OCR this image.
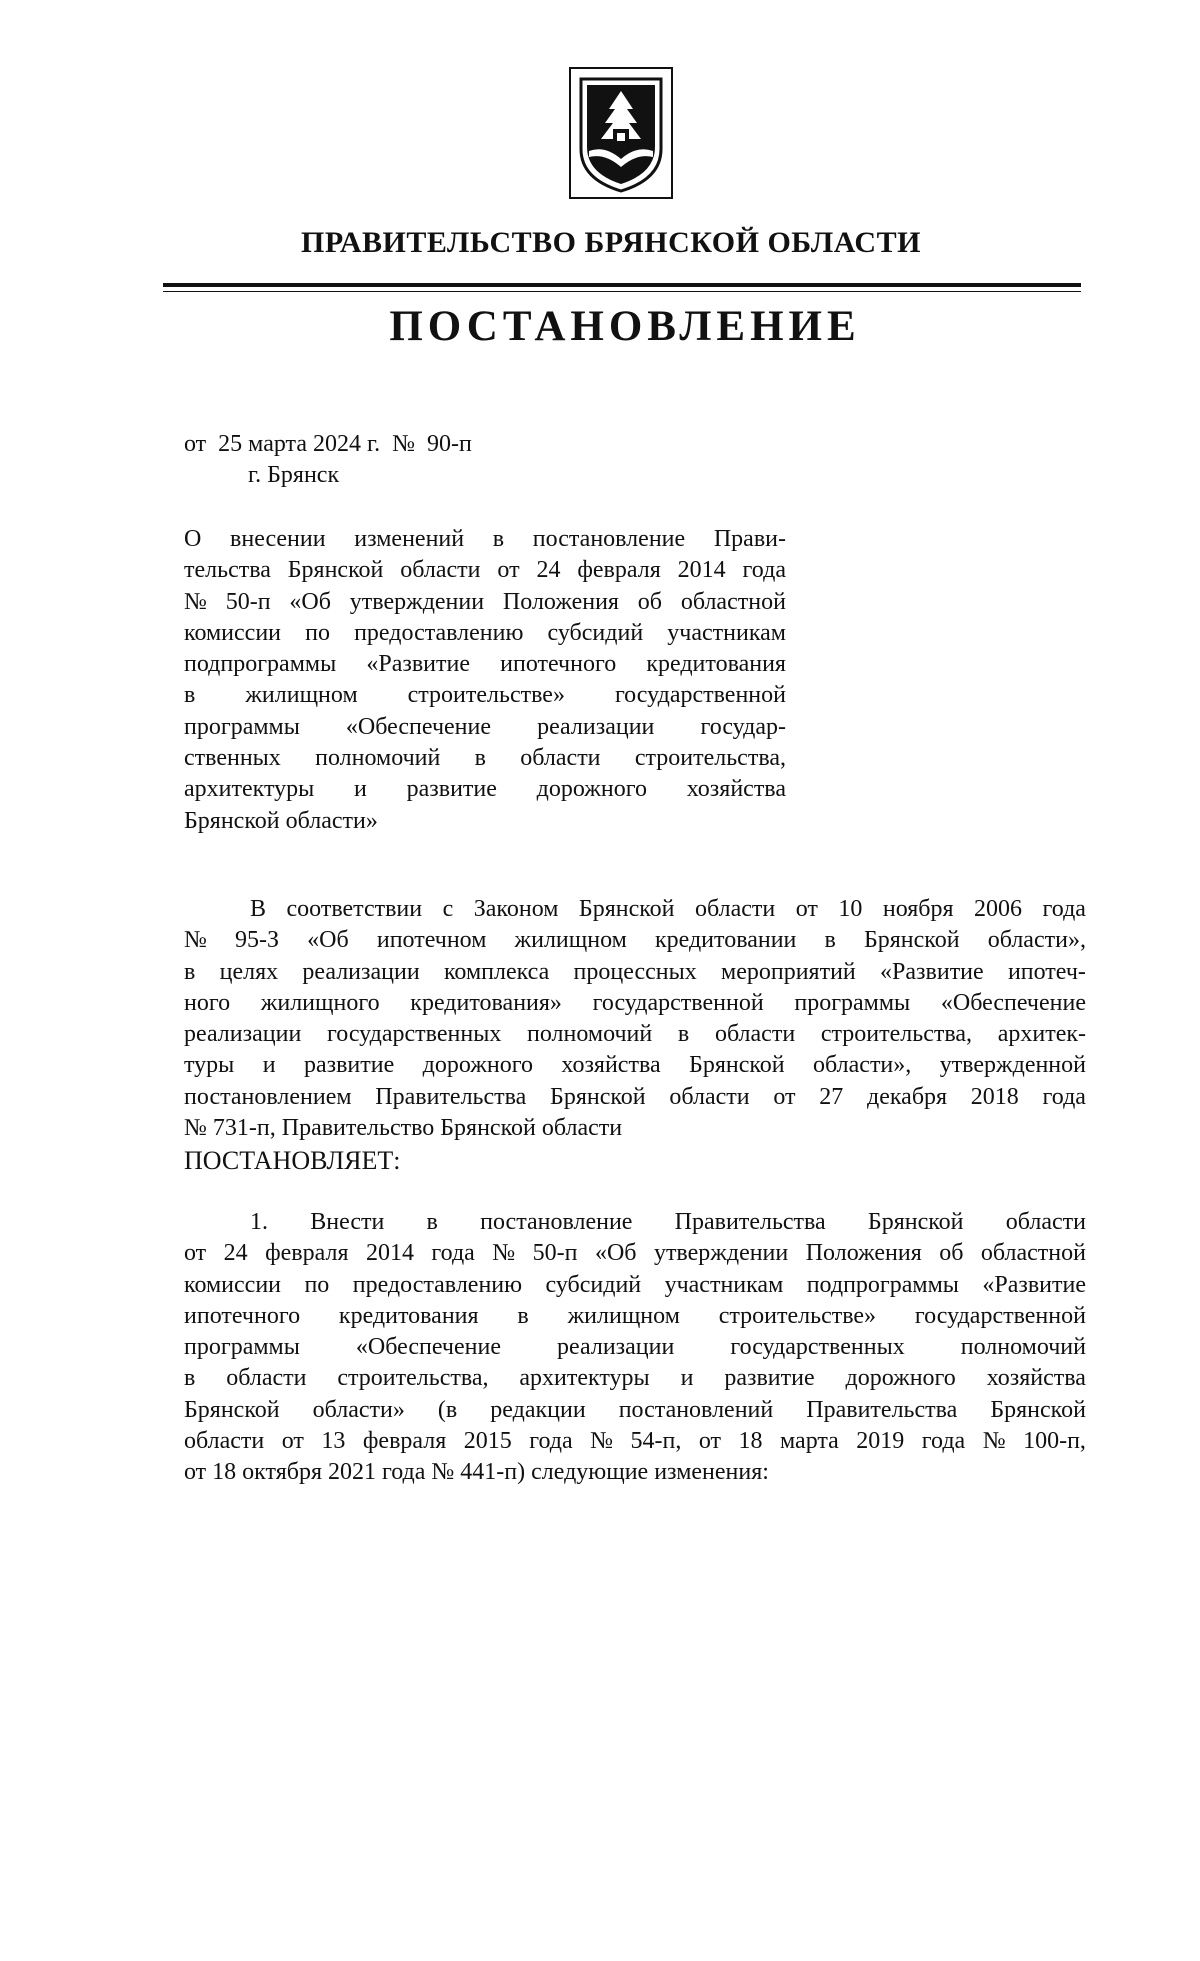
ПРАВИТЕЛЬСТВО БРЯНСКОЙ ОБЛАСТИ
ПОСТАНОВЛЕНИЕ
от  25 марта 2024 г.  №  90-п
г. Брянск
О внесении изменений в постановление Прави-
тельства Брянской области от 24 февраля 2014 года
№ 50-п «Об утверждении Положения об областной
комиссии по предоставлению субсидий участникам
подпрограммы «Развитие ипотечного кредитования
в жилищном строительстве» государственной
программы «Обеспечение реализации государ-
ственных полномочий в области строительства,
архитектуры и развитие дорожного хозяйства
Брянской области»
В соответствии с Законом Брянской области от 10 ноября 2006 года
№ 95-З «Об ипотечном жилищном кредитовании в Брянской области»,
в целях реализации комплекса процессных мероприятий «Развитие ипотеч-
ного жилищного кредитования» государственной программы «Обеспечение
реализации государственных полномочий в области строительства, архитек-
туры и развитие дорожного хозяйства Брянской области», утвержденной
постановлением Правительства Брянской области от 27 декабря 2018 года
№ 731-п, Правительство Брянской области
ПОСТАНОВЛЯЕТ:
1. Внести в постановление Правительства Брянской области
от 24 февраля 2014 года № 50-п «Об утверждении Положения об областной
комиссии по предоставлению субсидий участникам подпрограммы «Развитие
ипотечного кредитования в жилищном строительстве» государственной
программы «Обеспечение реализации государственных полномочий
в области строительства, архитектуры и развитие дорожного хозяйства
Брянской области» (в редакции постановлений Правительства Брянской
области от 13 февраля 2015 года № 54-п, от 18 марта 2019 года № 100-п,
от 18 октября 2021 года № 441-п) следующие изменения:
